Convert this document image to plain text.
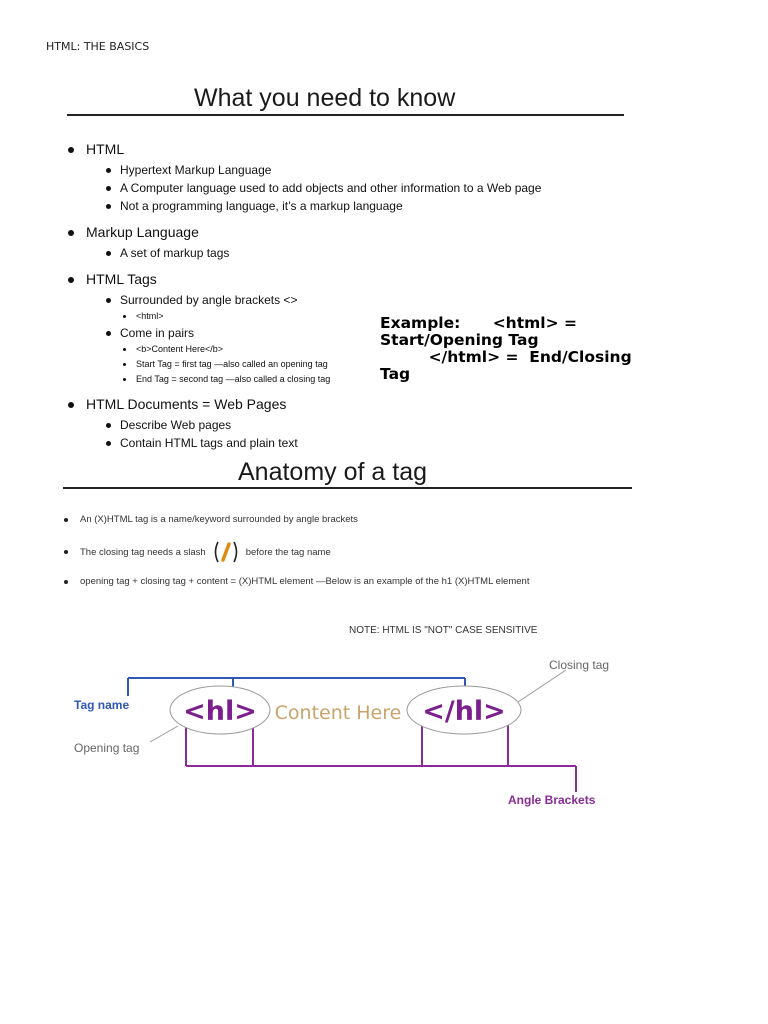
HTML: THE BASICS
What you need to know
HTML
Hypertext Markup Language
A Computer language used to add objects and other information to a Web page
Not a programming language, it’s a markup language
Markup Language
A set of markup tags
HTML Tags
Surrounded by angle brackets <>
<html>
Come in pairs
<b>Content Here</b>
Start Tag = first tag —also called an opening tag
End Tag = second tag —also called a closing tag
HTML Documents = Web Pages
Describe Web pages
Contain HTML tags and plain text
Example:      <html> =
Start/Opening Tag
</html> =  End/Closing
Tag
Anatomy of a tag
An (X)HTML tag is a name/keyword surrounded by angle brackets
The closing tag needs a slash	before the tag name
opening tag + closing tag + content = (X)HTML element —Below is an example of the h1 (X)HTML element
NOTE: HTML IS "NOT" CASE SENSITIVE
<hl> Content Here </hl>
Tag name
Opening tag
Closing tag
Angle Brackets
